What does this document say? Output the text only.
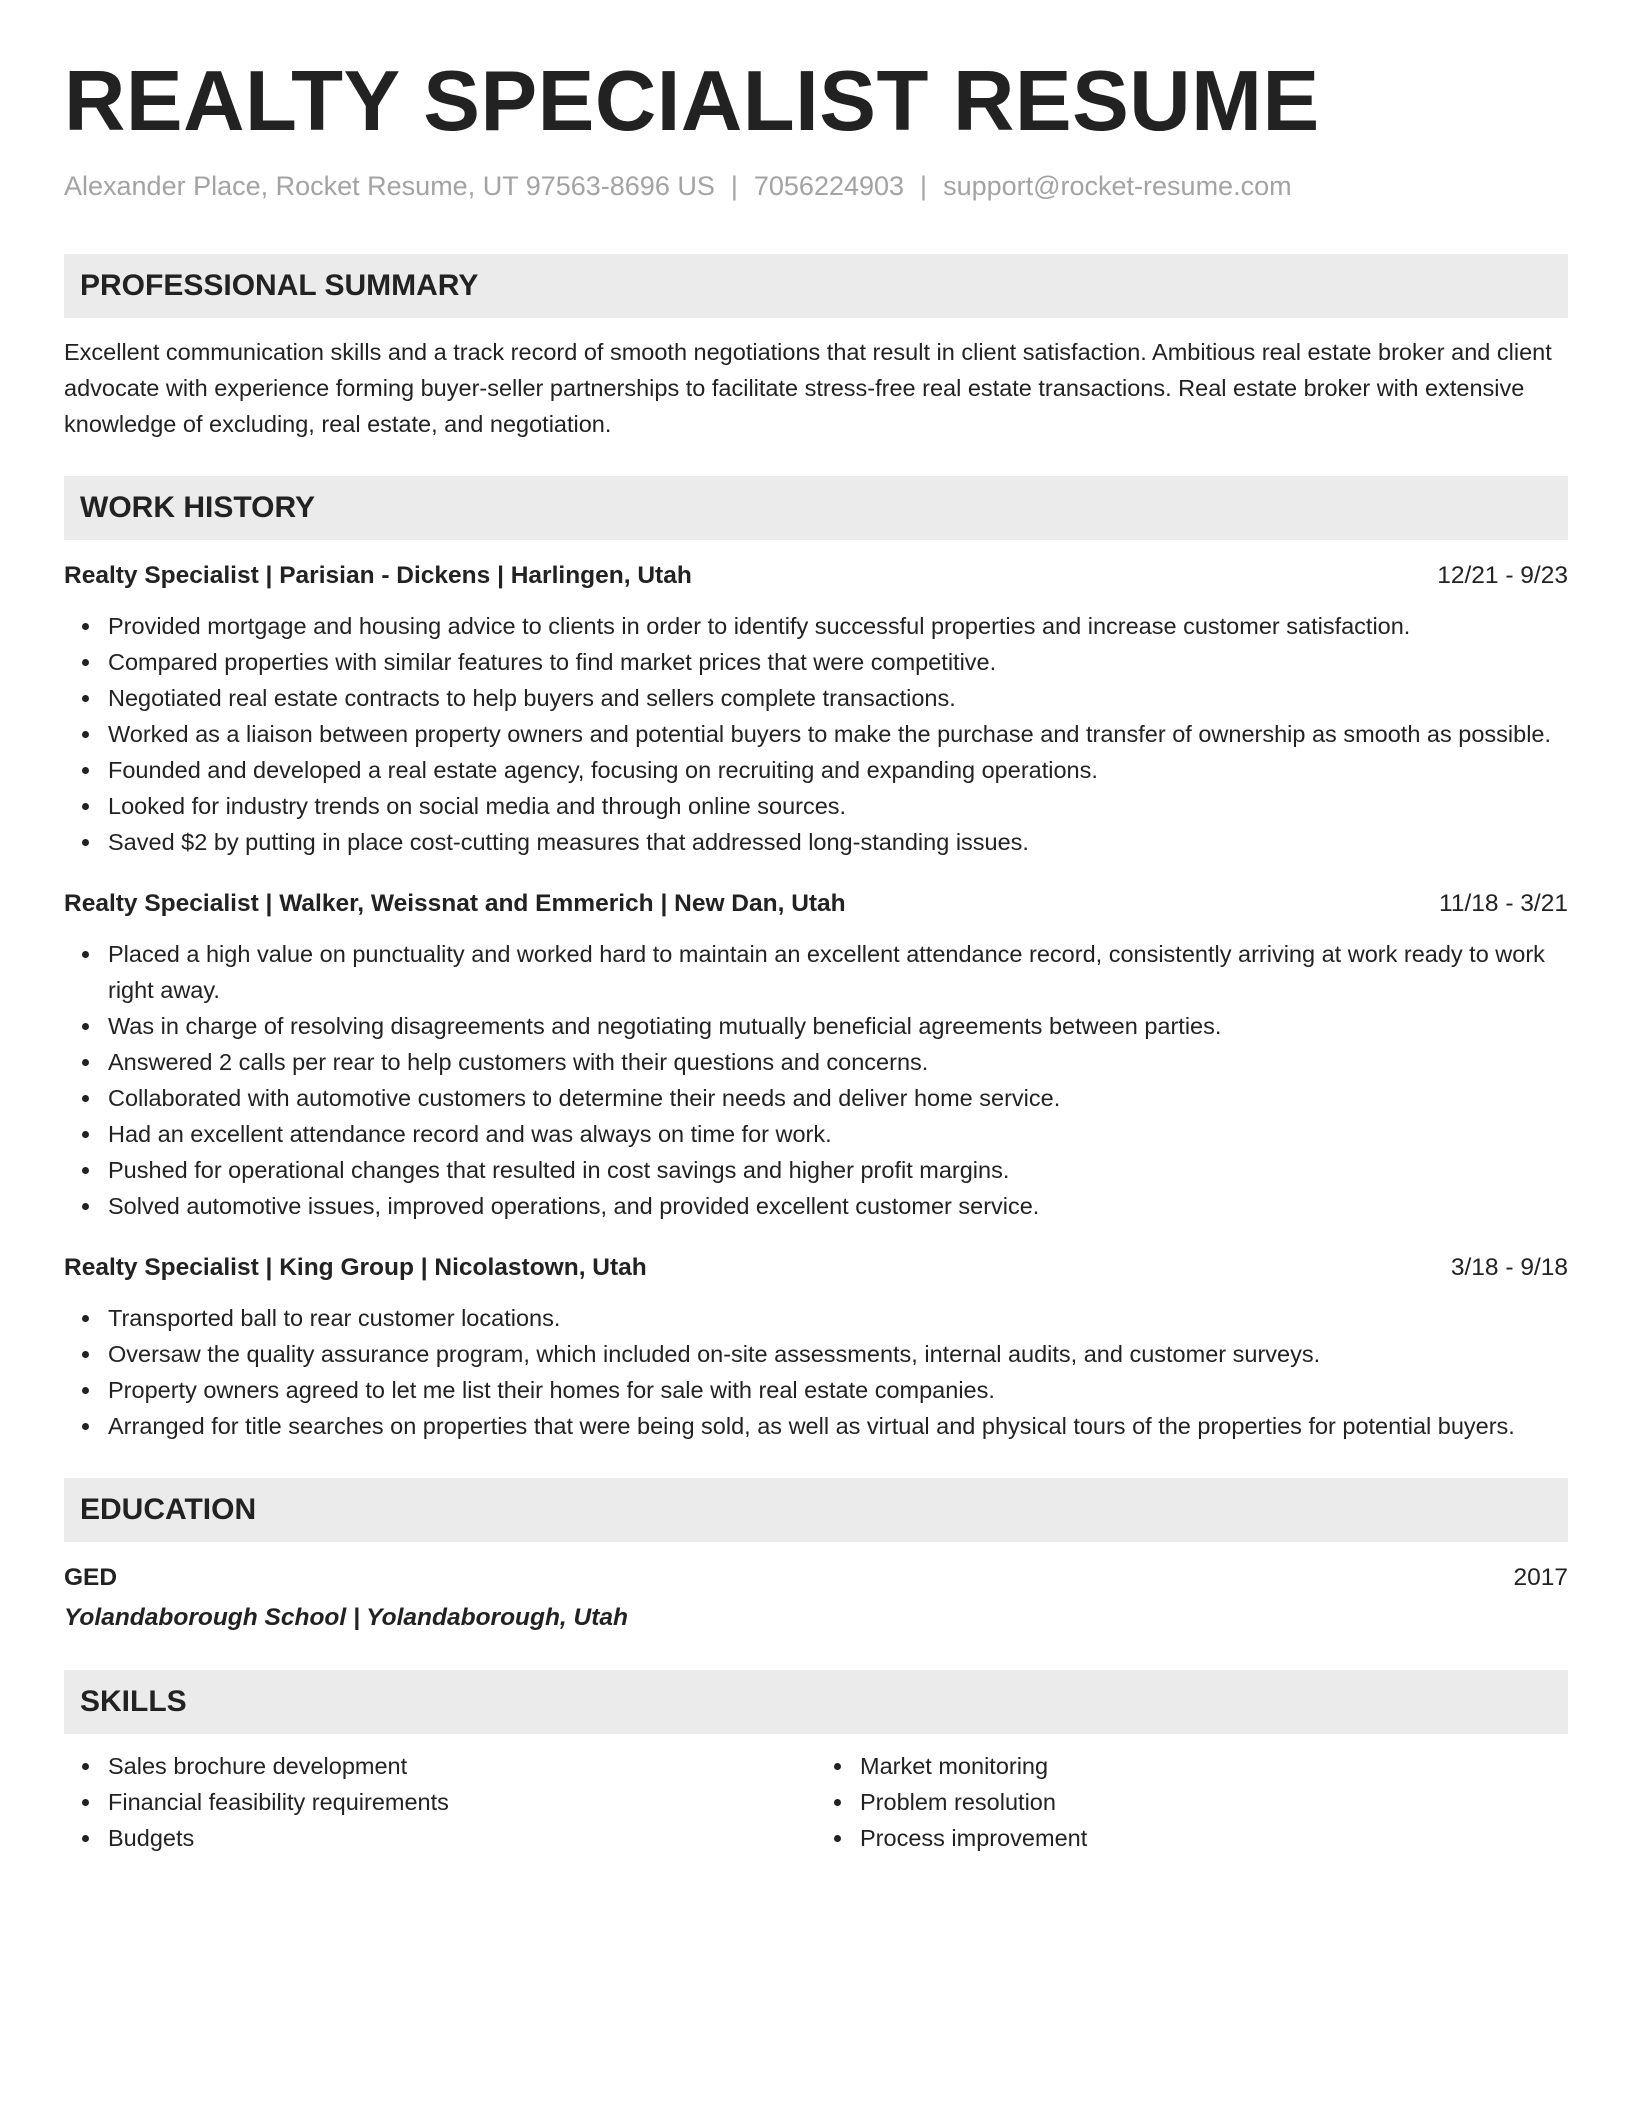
REALTY SPECIALIST RESUME
Alexander Place, Rocket Resume, UT 97563-8696 US | 7056224903 | support@rocket-resume.com
PROFESSIONAL SUMMARY
Excellent communication skills and a track record of smooth negotiations that result in client satisfaction. Ambitious real estate broker and client advocate with experience forming buyer-seller partnerships to facilitate stress-free real estate transactions. Real estate broker with extensive knowledge of excluding, real estate, and negotiation.
WORK HISTORY
Realty Specialist | Parisian - Dickens | Harlingen, Utah	12/21 - 9/23
Provided mortgage and housing advice to clients in order to identify successful properties and increase customer satisfaction.
Compared properties with similar features to find market prices that were competitive.
Negotiated real estate contracts to help buyers and sellers complete transactions.
Worked as a liaison between property owners and potential buyers to make the purchase and transfer of ownership as smooth as possible.
Founded and developed a real estate agency, focusing on recruiting and expanding operations.
Looked for industry trends on social media and through online sources.
Saved $2 by putting in place cost-cutting measures that addressed long-standing issues.
Realty Specialist | Walker, Weissnat and Emmerich | New Dan, Utah	11/18 - 3/21
Placed a high value on punctuality and worked hard to maintain an excellent attendance record, consistently arriving at work ready to work right away.
Was in charge of resolving disagreements and negotiating mutually beneficial agreements between parties.
Answered 2 calls per rear to help customers with their questions and concerns.
Collaborated with automotive customers to determine their needs and deliver home service.
Had an excellent attendance record and was always on time for work.
Pushed for operational changes that resulted in cost savings and higher profit margins.
Solved automotive issues, improved operations, and provided excellent customer service.
Realty Specialist | King Group | Nicolastown, Utah	3/18 - 9/18
Transported ball to rear customer locations.
Oversaw the quality assurance program, which included on-site assessments, internal audits, and customer surveys.
Property owners agreed to let me list their homes for sale with real estate companies.
Arranged for title searches on properties that were being sold, as well as virtual and physical tours of the properties for potential buyers.
EDUCATION
GED	2017
Yolandaborough School | Yolandaborough, Utah
SKILLS
Sales brochure development
Financial feasibility requirements
Budgets
Market monitoring
Problem resolution
Process improvement
